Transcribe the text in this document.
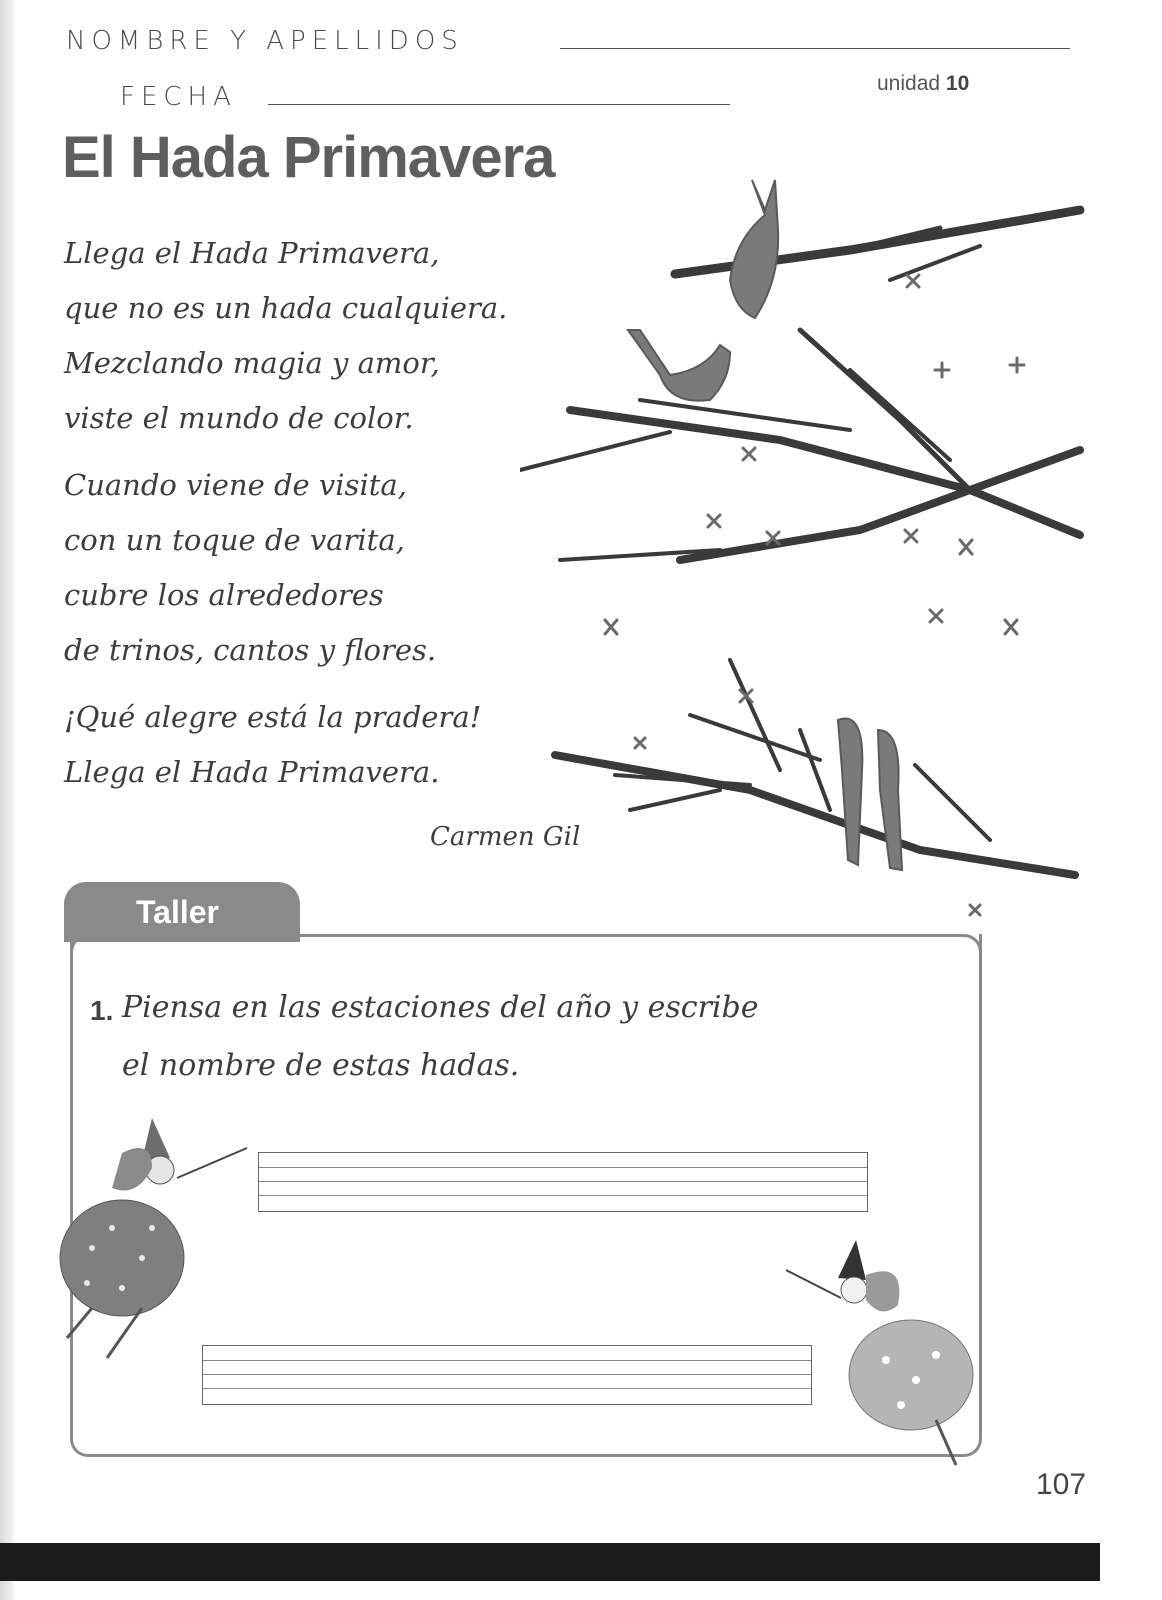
NOMBRE Y APELLIDOS
FECHA	unidad 10
El Hada Primavera
Llega el Hada Primavera,
que no es un hada cualquiera.
Mezclando magia y amor,
viste el mundo de color.
Cuando viene de visita,
con un toque de varita,
cubre los alrededores
de trinos, cantos y flores.
¡Qué alegre está la pradera!
Llega el Hada Primavera.
Carmen Gil
Taller
1. Piensa en las estaciones del año y escribe
el nombre de estas hadas.
107
